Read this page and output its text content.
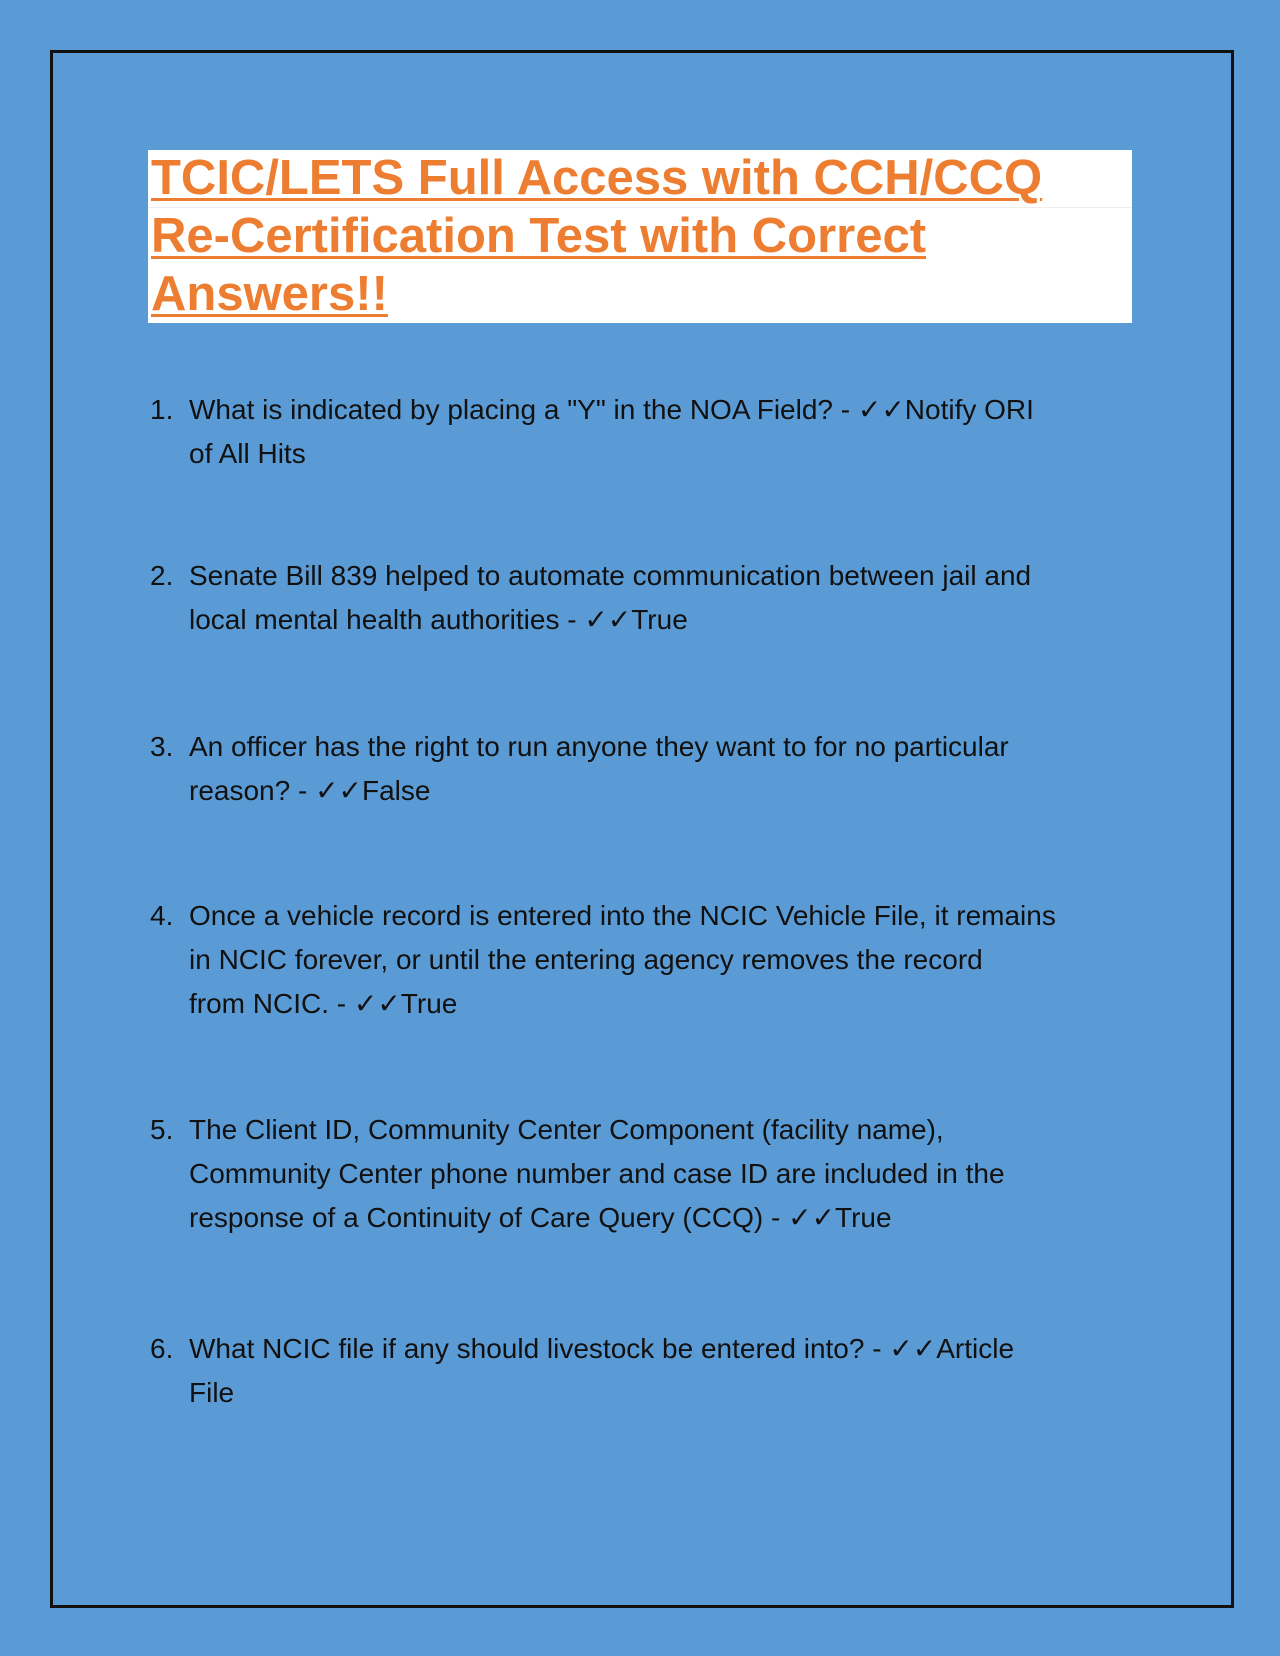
TCIC/LETS Full Access with CCH/CCQ
Re-Certification Test with Correct
Answers!!
1. What is indicated by placing a "Y" in the NOA Field? - ✓✓Notify ORI
of All Hits
2. Senate Bill 839 helped to automate communication between jail and
local mental health authorities - ✓✓True
3. An officer has the right to run anyone they want to for no particular
reason? - ✓✓False
4. Once a vehicle record is entered into the NCIC Vehicle File, it remains
in NCIC forever, or until the entering agency removes the record
from NCIC. - ✓✓True
5. The Client ID, Community Center Component (facility name),
Community Center phone number and case ID are included in the
response of a Continuity of Care Query (CCQ) - ✓✓True
6. What NCIC file if any should livestock be entered into? - ✓✓Article
File
